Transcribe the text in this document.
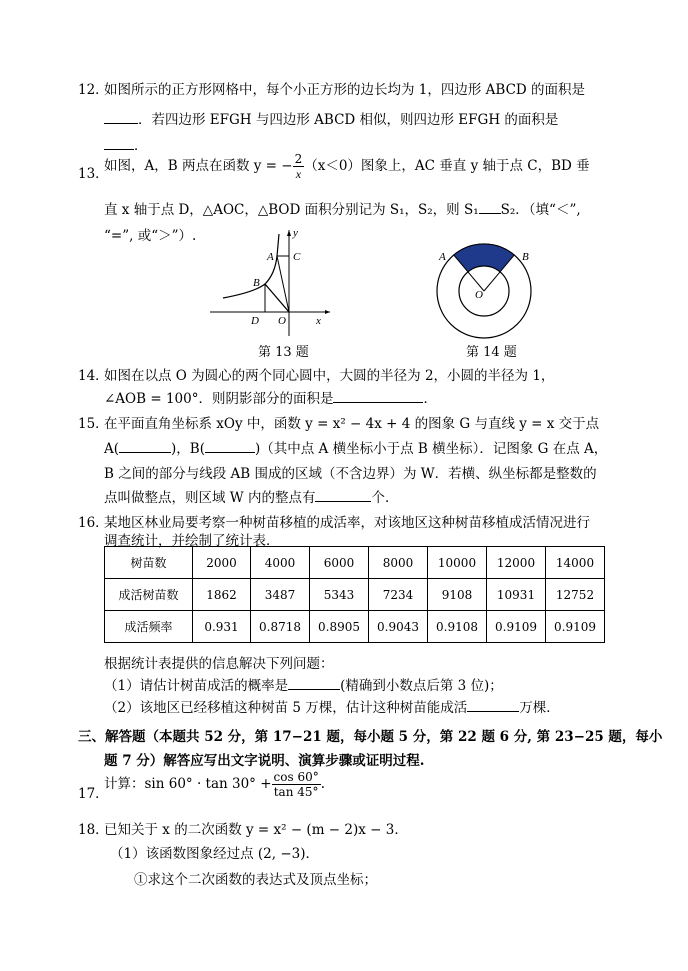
12．
如图所示的正方形网格中，每个小正方形的边长均为 1，四边形 ABCD 的面积是
．若四边形 EFGH 与四边形 ABCD 相似，则四边形 EFGH 的面积是
．
13．
如图，A，B 两点在函数 y = − $\frac{2}{x} (x<0)$图象上，AC 垂直 y 轴于点 C，BD 垂
直 x 轴于点 D，△AOC，△BOD 面积分别记为 S₁，S₂，则 S₁ S₂．（填“＜”,
“=”, 或“＞”）.	y
x
A C
B
D O
第 13 题
A	B
O
第 14 题
14．
如图在以点 O 为圆心的两个同心圆中，大圆的半径为 2，小圆的半径为 1，
∠AOB = 100°．则阴影部分的面积是	．
15．
在平面直角坐标系 xOy 中，函数 y = x² − 4x + 4 的图象 G 与直线 y = x 交于点
A(	)，B(	)（其中点 A 横坐标小于点 B 横坐标）．记图象 G 在点 A，
B 之间的部分与线段 AB 围成的区域（不含边界）为 W．若横、纵坐标都是整数的
点叫做整点，则区域 W 内的整点有	个．
16．
某地区林业局要考察一种树苗移植的成活率，对该地区这种树苗移植成活情况进行
调查统计，并绘制了统计表．
树苗数	2000	4000	6000	8000	10000	12000	14000
成活树苗数	1862	3487	5343	7234	9108	10931	12752
成活频率	0.931	0.8718	0.8905	0.9043	0.9108	0.9109	0.9109
根据统计表提供的信息解决下列问题：
（1）请估计树苗成活的概率是	(精确到小数点后第 3 位)；
（2）该地区已经移植这种树苗 5 万棵，估计这种树苗能成活	万棵．
三、解答题（本题共 52 分，第 17−21 题，每小题 5 分，第 22 题 6 分, 第 23−25 题，每小
题 7 分）解答应写出文字说明、演算步骤或证明过程.
17．
计算：$\sin 60^\circ \cdot \tan 30^\circ + \frac{\cos 60^\circ}{\tan 45^\circ}$ .
18．
已知关于 x 的二次函数 y = x² − (m − 2)x − 3．
（1）该函数图象经过点 (2, −3)．
①求这个二次函数的表达式及顶点坐标；
